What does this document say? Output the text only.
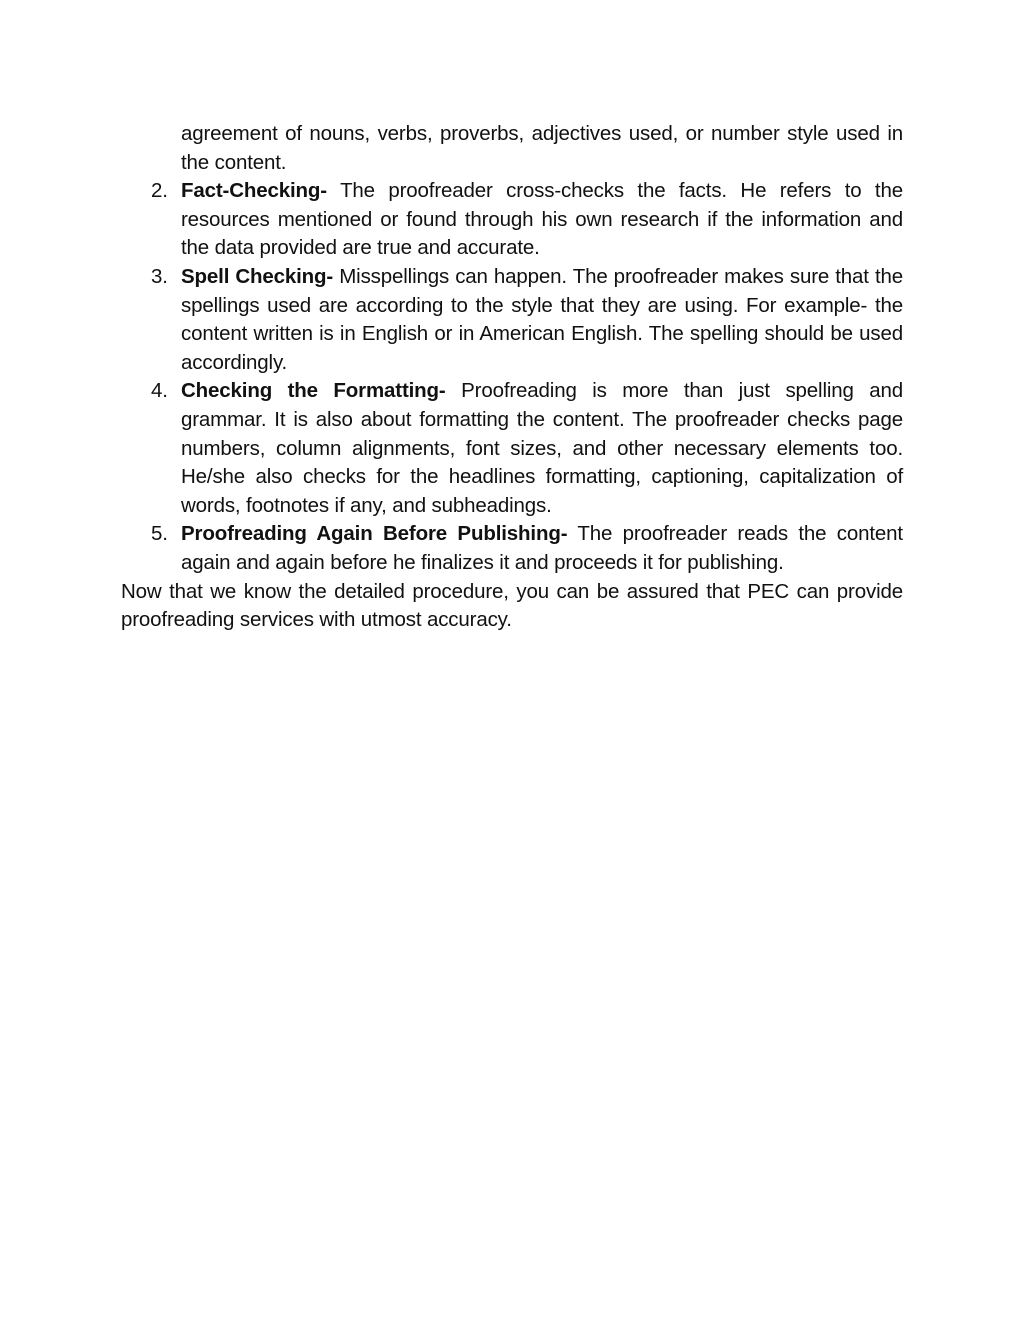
agreement of nouns, verbs, proverbs, adjectives used, or number style used in the content.

2. Fact-Checking- The proofreader cross-checks the facts. He refers to the resources mentioned or found through his own research if the information and the data provided are true and accurate.
3. Spell Checking- Misspellings can happen. The proofreader makes sure that the spellings used are according to the style that they are using. For example- the content written is in English or in American English. The spelling should be used accordingly.
4. Checking the Formatting- Proofreading is more than just spelling and grammar. It is also about formatting the content. The proofreader checks page numbers, column alignments, font sizes, and other necessary elements too. He/she also checks for the headlines formatting, captioning, capitalization of words, footnotes if any, and subheadings.
5. Proofreading Again Before Publishing- The proofreader reads the content again and again before he finalizes it and proceeds it for publishing.

Now that we know the detailed procedure, you can be assured that PEC can provide proofreading services with utmost accuracy.
